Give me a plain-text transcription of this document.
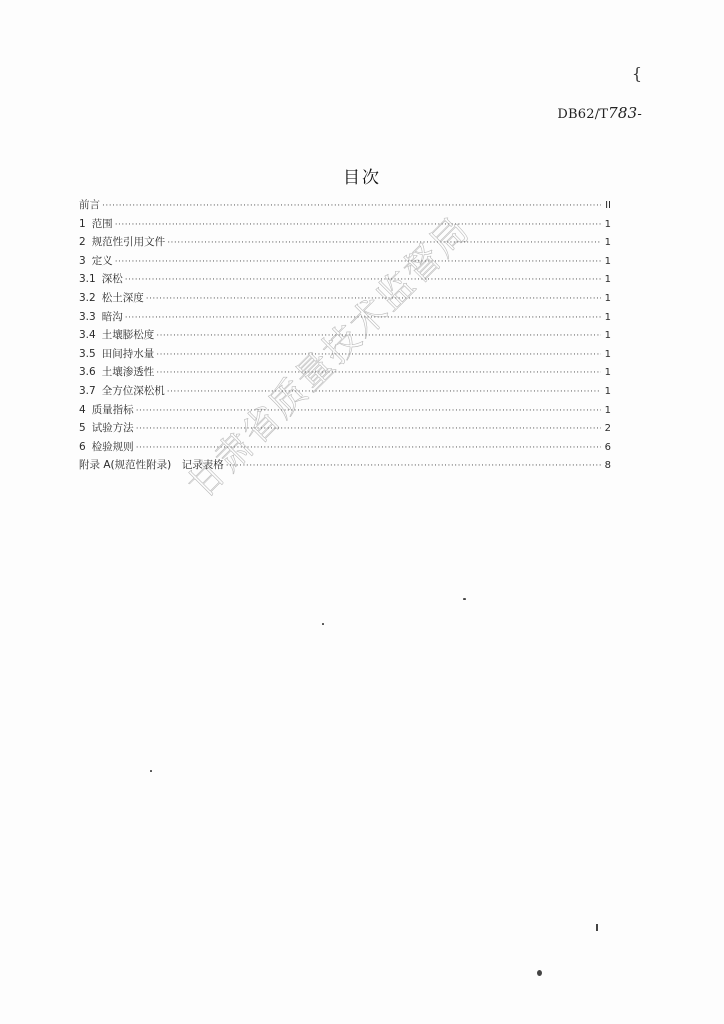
{
DB62/T783-
目次
前言 ·····	II
1 范围 ·····	1
2 规范性引用文件 ·····	1
3 定义 ·····	1
3.1 深松 ·····	1
3.2 松土深度 ·····	1
3.3 暗沟 ·····	1
3.4 土壤膨松度 ·····	1
3.5 田间持水量 ·····	1
3.6 土壤渗透性 ·····	1
3.7 全方位深松机 ·····	1
4 质量指标 ·····	1
5 试验方法 ·····	2
6 检验规则 ·····	6
附录 A(规范性附录)　记录表格 ·····	8
甘肃省质量技术监督局
